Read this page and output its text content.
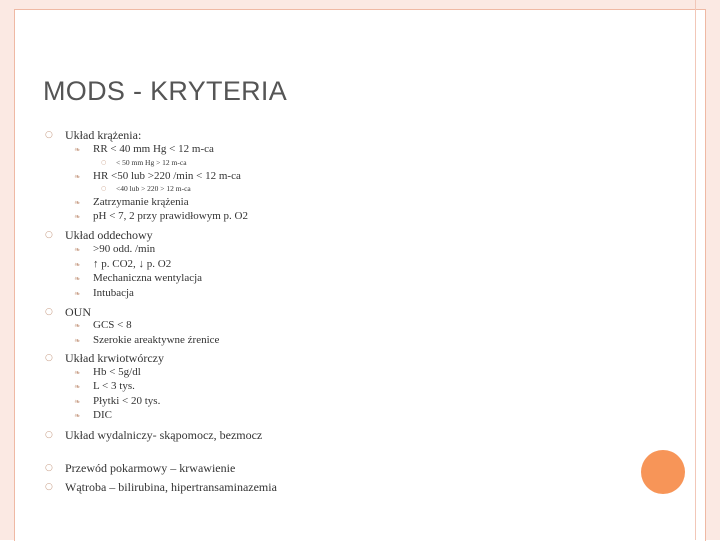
MODS - KRYTERIA
Układ krążenia:
RR < 40 mm Hg < 12 m-ca
< 50 mm Hg > 12 m-ca
HR <50 lub >220 /min < 12 m-ca
<40 lub > 220 > 12 m-ca
Zatrzymanie krążenia
pH < 7, 2 przy prawidłowym p. O2
Układ oddechowy
>90 odd. /min
↑ p. CO2, ↓ p. O2
Mechaniczna wentylacja
Intubacja
OUN
GCS < 8
Szerokie areaktywne źrenice
Układ krwiotwórczy
Hb < 5g/dl
L < 3 tys.
Płytki < 20 tys.
DIC
Układ wydalniczy- skąpomocz, bezmocz
Przewód pokarmowy – krwawienie
Wątroba – bilirubina, hipertransaminazemia
○
❧
○
❧
○
❧
❧
○
❧
❧
❧
❧
○
❧
❧
○
❧
❧
❧
❧
○
○
○
